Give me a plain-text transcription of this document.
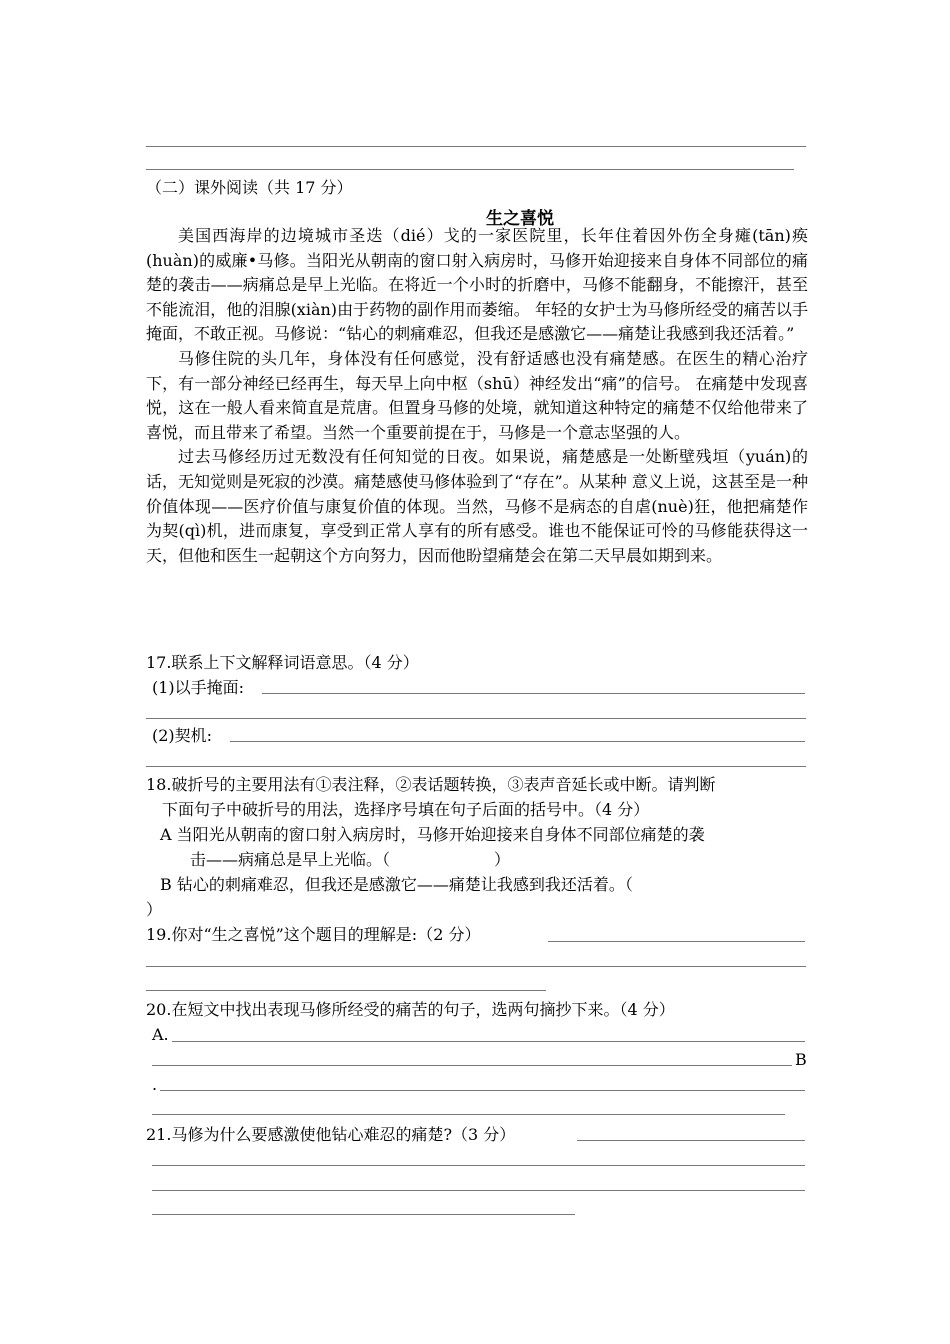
（二）课外阅读（共 17 分）
生之喜悦

美国西海岸的边境城市圣迭（dié）戈的一家医院里，长年住着因外伤全身瘫(tān)痪(huàn)的威廉•马修。当阳光从朝南的窗口射入病房时，马修开始迎接来自身体不同部位的痛楚的袭击——病痛总是早上光临。在将近一个小时的折磨中，马修不能翻身，不能擦汗，甚至不能流泪，他的泪腺(xiàn)由于药物的副作用而萎缩。 年轻的女护士为马修所经受的痛苦以手掩面，不敢正视。马修说：“钻心的刺痛难忍，但我还是感激它——痛楚让我感到我还活着。”

马修住院的头几年，身体没有任何感觉，没有舒适感也没有痛楚感。在医生的精心治疗下，有一部分神经已经再生，每天早上向中枢（shū）神经发出“痛”的信号。 在痛楚中发现喜悦，这在一般人看来简直是荒唐。但置身马修的处境，就知道这种特定的痛楚不仅给他带来了喜悦，而且带来了希望。当然一个重要前提在于，马修是一个意志坚强的人。

过去马修经历过无数没有任何知觉的日夜。如果说，痛楚感是一处断壁残垣（yuán)的话，无知觉则是死寂的沙漠。痛楚感使马修体验到了“存在”。从某种 意义上说，这甚至是一种价值体现——医疗价值与康复价值的体现。当然，马修不是病态的自虐(nuè)狂，他把痛楚作为契(qì)机，进而康复，享受到正常人享有的所有感受。谁也不能保证可怜的马修能获得这一天，但他和医生一起朝这个方向努力，因而他盼望痛楚会在第二天早晨如期到来。

17.联系上下文解释词语意思。（4 分）
(1)以手掩面:
(2)契机:
18.破折号的主要用法有①表注释，②表话题转换，③表声音延长或中断。请判断
下面句子中破折号的用法，选择序号填在句子后面的括号中。（4 分）
A 当阳光从朝南的窗口射入病房时，马修开始迎接来自身体不同部位痛楚的袭
击——病痛总是早上光临。（	）
B 钻心的刺痛难忍，但我还是感激它——痛楚让我感到我还活着。（
）
19.你对“生之喜悦”这个题目的理解是:（2 分）
20.在短文中找出表现马修所经受的痛苦的句子，选两句摘抄下来。（4 分）
A.
B
.
21.马修为什么要感激使他钻心难忍的痛楚?（3 分）
